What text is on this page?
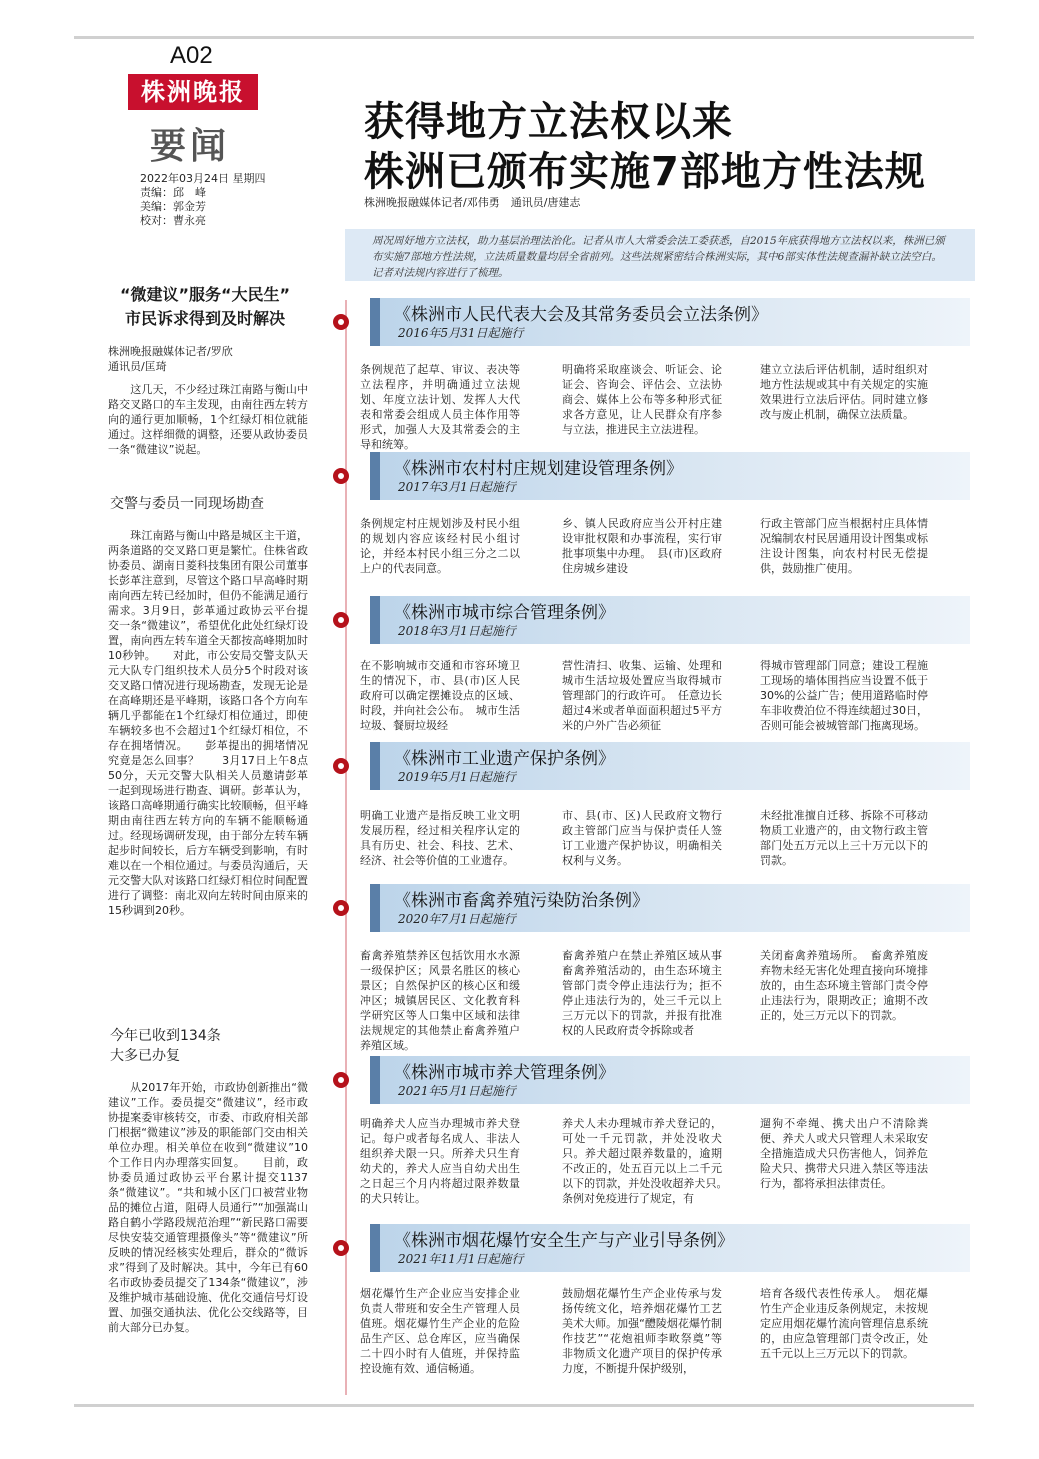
A02
株洲晚报
要闻
2022年03月24日 星期四
责编：邱　峰
美编：郭金芳
校对：曹永亮
获得地方立法权以来
株洲已颁布实施7部地方性法规
株洲晚报融媒体记者/邓伟勇　通讯员/唐建志
周况周好地方立法权，助力基层治理法治化。记者从市人大常委会法工委获悉，自2015年底获得地方立法权以来，株洲已颁布实施7部地方性法规，立法质量数量均居全省前列。这些法规紧密结合株洲实际，其中6部实体性法规查漏补缺立法空白。记者对法规内容进行了梳理。
《株洲市人民代表大会及其常务委员会立法条例》
2016年5月31日起施行
条例规范了起草、审议、表决等立法程序，并明确通过立法规划、年度立法计划、发挥人大代表和常委会组成人员主体作用等形式，加强人大及其常委会的主导和统筹。
明确将采取座谈会、听证会、论证会、咨询会、评估会、立法协商会、媒体上公布等多种形式征求各方意见，让人民群众有序参与立法，推进民主立法进程。
建立立法后评估机制，适时组织对地方性法规或其中有关规定的实施效果进行立法后评估。同时建立修改与废止机制，确保立法质量。
《株洲市农村村庄规划建设管理条例》
2017年3月1日起施行
条例规定村庄规划涉及村民小组的规划内容应该经村民小组讨论，并经本村民小组三分之二以上户的代表同意。
乡、镇人民政府应当公开村庄建设审批权限和办事流程，实行审批事项集中办理。　县(市)区政府住房城乡建设
行政主管部门应当根据村庄具体情况编制农村民居通用设计图集或标注设计图集，向农村村民无偿提供，鼓励推广使用。
《株洲市城市综合管理条例》
2018年3月1日起施行
在不影响城市交通和市容环境卫生的情况下，市、县(市)区人民政府可以确定摆摊设点的区域、时段，并向社会公布。　城市生活垃圾、餐厨垃圾经
营性清扫、收集、运输、处理和城市生活垃圾处置应当取得城市管理部门的行政许可。　任意边长超过4米或者单面面积超过5平方米的户外广告必须征
得城市管理部门同意；建设工程施工现场的墙体围挡应当设置不低于30%的公益广告；使用道路临时停车非收费泊位不得连续超过30日，否则可能会被城管部门拖离现场。
《株洲市工业遗产保护条例》
2019年5月1日起施行
明确工业遗产是指反映工业文明发展历程，经过相关程序认定的具有历史、社会、科技、艺术、经济、社会等价值的工业遗存。
市、县(市、区)人民政府文物行政主管部门应当与保护责任人签订工业遗产保护协议，明确相关权利与义务。
未经批准擅自迁移、拆除不可移动物质工业遗产的，由文物行政主管部门处五万元以上三十万元以下的罚款。
《株洲市畜禽养殖污染防治条例》
2020年7月1日起施行
畜禽养殖禁养区包括饮用水水源一级保护区；风景名胜区的核心景区；自然保护区的核心区和缓冲区；城镇居民区、文化教育科学研究区等人口集中区域和法律法规规定的其他禁止畜禽养殖户养殖区域。
畜禽养殖户在禁止养殖区域从事畜禽养殖活动的，由生态环境主管部门责令停止违法行为；拒不停止违法行为的，处三千元以上三万元以下的罚款，并报有批准权的人民政府责令拆除或者
关闭畜禽养殖场所。　畜禽养殖废弃物未经无害化处理直接向环境排放的，由生态环境主管部门责令停止违法行为，限期改正；逾期不改正的，处三万元以下的罚款。
《株洲市城市养犬管理条例》
2021年5月1日起施行
明确养犬人应当办理城市养犬登记。每户或者每名成人、非法人组织养犬限一只。所养犬只生育幼犬的，养犬人应当自幼犬出生之日起三个月内将超过限养数量的犬只转让。
养犬人未办理城市养犬登记的，可处一千元罚款，并处没收犬只。养犬超过限养数量的，逾期不改正的，处五百元以上二千元以下的罚款，并处没收超养犬只。　条例对免疫进行了规定，有
遛狗不牵绳、携犬出户不清除粪便、养犬人或犬只管理人未采取安全措施造成犬只伤害他人，饲养危险犬只、携带犬只进入禁区等违法行为，都将承担法律责任。
《株洲市烟花爆竹安全生产与产业引导条例》
2021年11月1日起施行
烟花爆竹生产企业应当安排企业负责人带班和安全生产管理人员值班。烟花爆竹生产企业的危险品生产区、总仓库区，应当确保二十四小时有人值班，并保持监控设施有效、通信畅通。
鼓励烟花爆竹生产企业传承与发扬传统文化，培养烟花爆竹工艺美术大师。加强“醴陵烟花爆竹制作技艺”“花炮祖师李畋祭奠”等非物质文化遗产项目的保护传承力度，不断提升保护级别，
培育各级代表性传承人。　烟花爆竹生产企业违反条例规定，未按规定应用烟花爆竹流向管理信息系统的，由应急管理部门责令改正，处五千元以上三万元以下的罚款。
“微建议”服务“大民生”
市民诉求得到及时解决
株洲晚报融媒体记者/罗欣
通讯员/匡琦
　　这几天，不少经过珠江南路与衡山中路交叉路口的车主发现，由南往西左转方向的通行更加顺畅，1个红绿灯相位就能通过。这样细微的调整，还要从政协委员一条“微建议”说起。
交警与委员一同现场勘查
　　珠江南路与衡山中路是城区主干道，两条道路的交叉路口更是繁忙。住株省政协委员、湖南日菱科技集团有限公司董事长彭革注意到，尽管这个路口早高峰时期南向西左转已经加时，但仍不能满足通行需求。3月9日，彭革通过政协云平台提交一条“微建议”，希望优化此处红绿灯设置，南向西左转车道全天都按高峰期加时10秒钟。　　对此，市公安局交警支队天元大队专门组织技术人员分5个时段对该交叉路口情况进行现场勘查，发现无论是在高峰期还是平峰期，该路口各个方向车辆几乎都能在1个红绿灯相位通过，即使车辆较多也不会超过1个红绿灯相位，不存在拥堵情况。　　彭革提出的拥堵情况究竟是怎么回事？　　3月17日上午8点50分，天元交警大队相关人员邀请彭革一起到现场进行勘查、调研。彭革认为，该路口高峰期通行确实比较顺畅，但平峰期由南往西左转方向的车辆不能顺畅通过。经现场调研发现，由于部分左转车辆起步时间较长，后方车辆受到影响，有时难以在一个相位通过。与委员沟通后，天元交警大队对该路口红绿灯相位时间配置进行了调整：南北双向左转时间由原来的15秒调到20秒。
今年已收到134条
大多已办复
　　从2017年开始，市政协创新推出“微建议”工作。委员提交“微建议”，经市政协提案委审核转交，市委、市政府相关部门根据“微建议”涉及的职能部门交由相关单位办理。相关单位在收到“微建议”10个工作日内办理落实回复。　　目前，政协委员通过政协云平台累计提交1137条“微建议”。“共和城小区门口被营业物品的摊位占道，阻碍人员通行”“加强嵩山路自鹤小学路段规范治理”“新民路口需要尽快安装交通管理摄像头”等“微建议”所反映的情况经核实处理后，群众的“微诉求”得到了及时解决。其中，今年已有60名市政协委员提交了134条“微建议”，涉及维护城市基础设施、优化交通信号灯设置、加强交通执法、优化公交线路等，目前大部分已办复。
